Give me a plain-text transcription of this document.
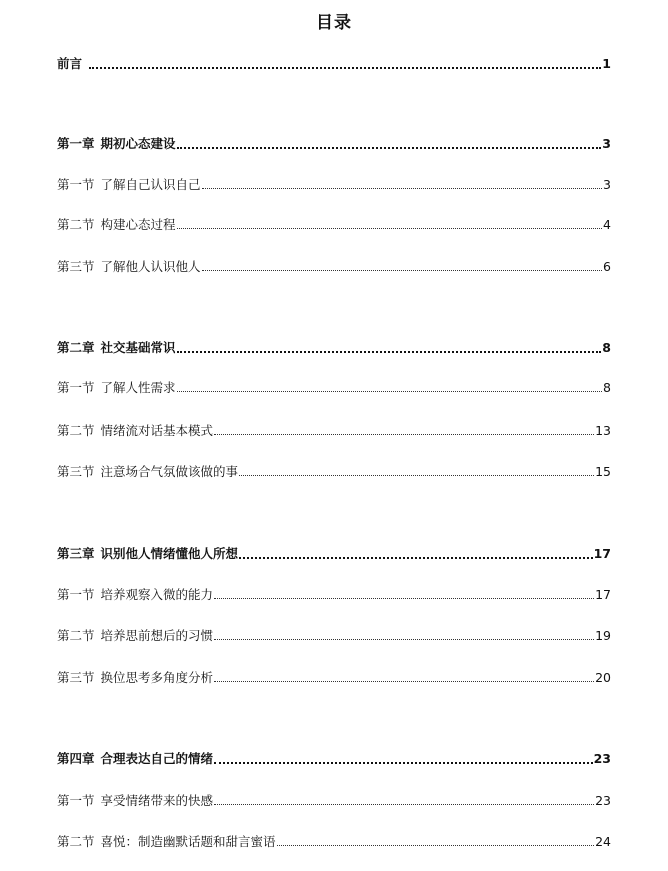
目录
前言	1
第一章 期初心态建设	3
第一节 了解自己认识自己	3
第二节 构建心态过程	4
第三节 了解他人认识他人	6
第二章 社交基础常识	8
第一节 了解人性需求	8
第二节 情绪流对话基本模式	13
第三节 注意场合气氛做该做的事	15
第三章 识别他人情绪懂他人所想	17
第一节 培养观察入微的能力	17
第二节 培养思前想后的习惯	19
第三节 换位思考多角度分析	20
第四章 合理表达自己的情绪	23
第一节 享受情绪带来的快感	23
第二节 喜悦：制造幽默话题和甜言蜜语	24
